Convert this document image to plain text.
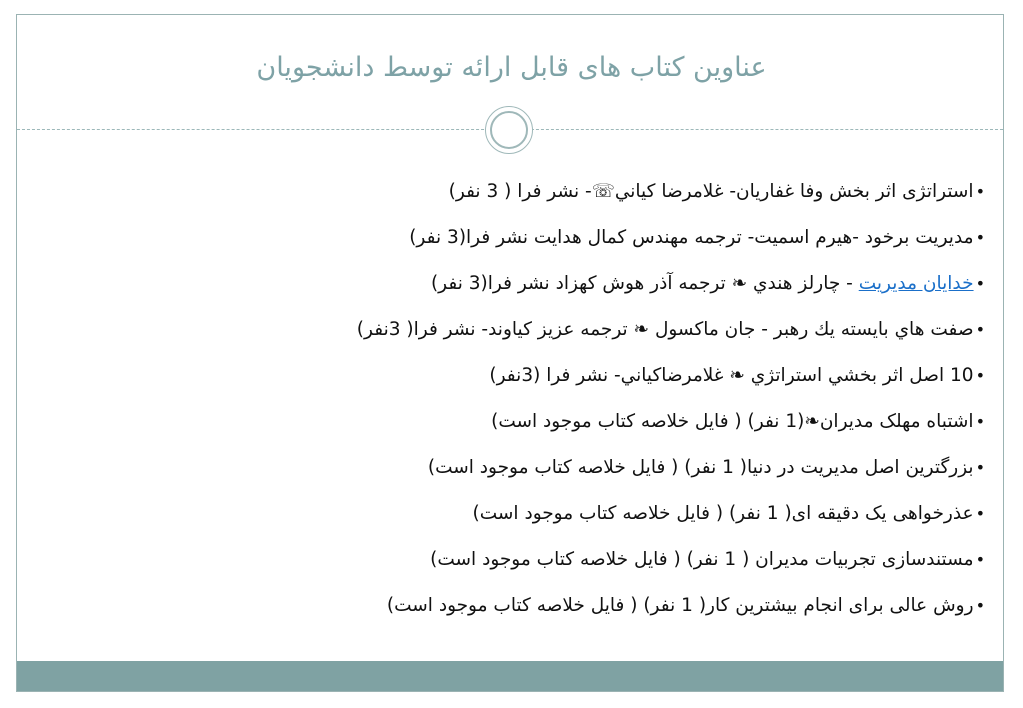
عناوین کتاب های قابل ارائه توسط دانشجویان
•استراتژی اثر بخش وفا غفاریان- غلامرضا کياني☏- نشر فرا ( 3 نفر)
•مدیریت برخود -هیرم اسمیت- ترجمه مهندس کمال هدایت نشر فرا(3 نفر)
•خدايان مديريت - چارلز هندي ❧ ترجمه آذر هوش کهزاد نشر فرا(3 نفر)
•صفت هاي بايسته يك رهبر - جان ماكسول ❧ ترجمه عزیز کیاوند- نشر فرا( 3نفر)
•10 اصل اثر بخشي استراتژي ❧ غلامرضاكياني- نشر فرا (3نفر)
•اشتباه مهلک مدیران❧(1 نفر) ( فایل خلاصه کتاب موجود است)
•بزرگترین اصل مدیریت در دنیا( 1 نفر) ( فایل خلاصه کتاب موجود است)
•عذرخواهی یک دقیقه ای( 1 نفر) ( فایل خلاصه کتاب موجود است)
•مستندسازی تجربیات مدیران ( 1 نفر) ( فایل خلاصه کتاب موجود است)
•روش عالی برای انجام بیشترین کار( 1 نفر) ( فایل خلاصه کتاب موجود است)
